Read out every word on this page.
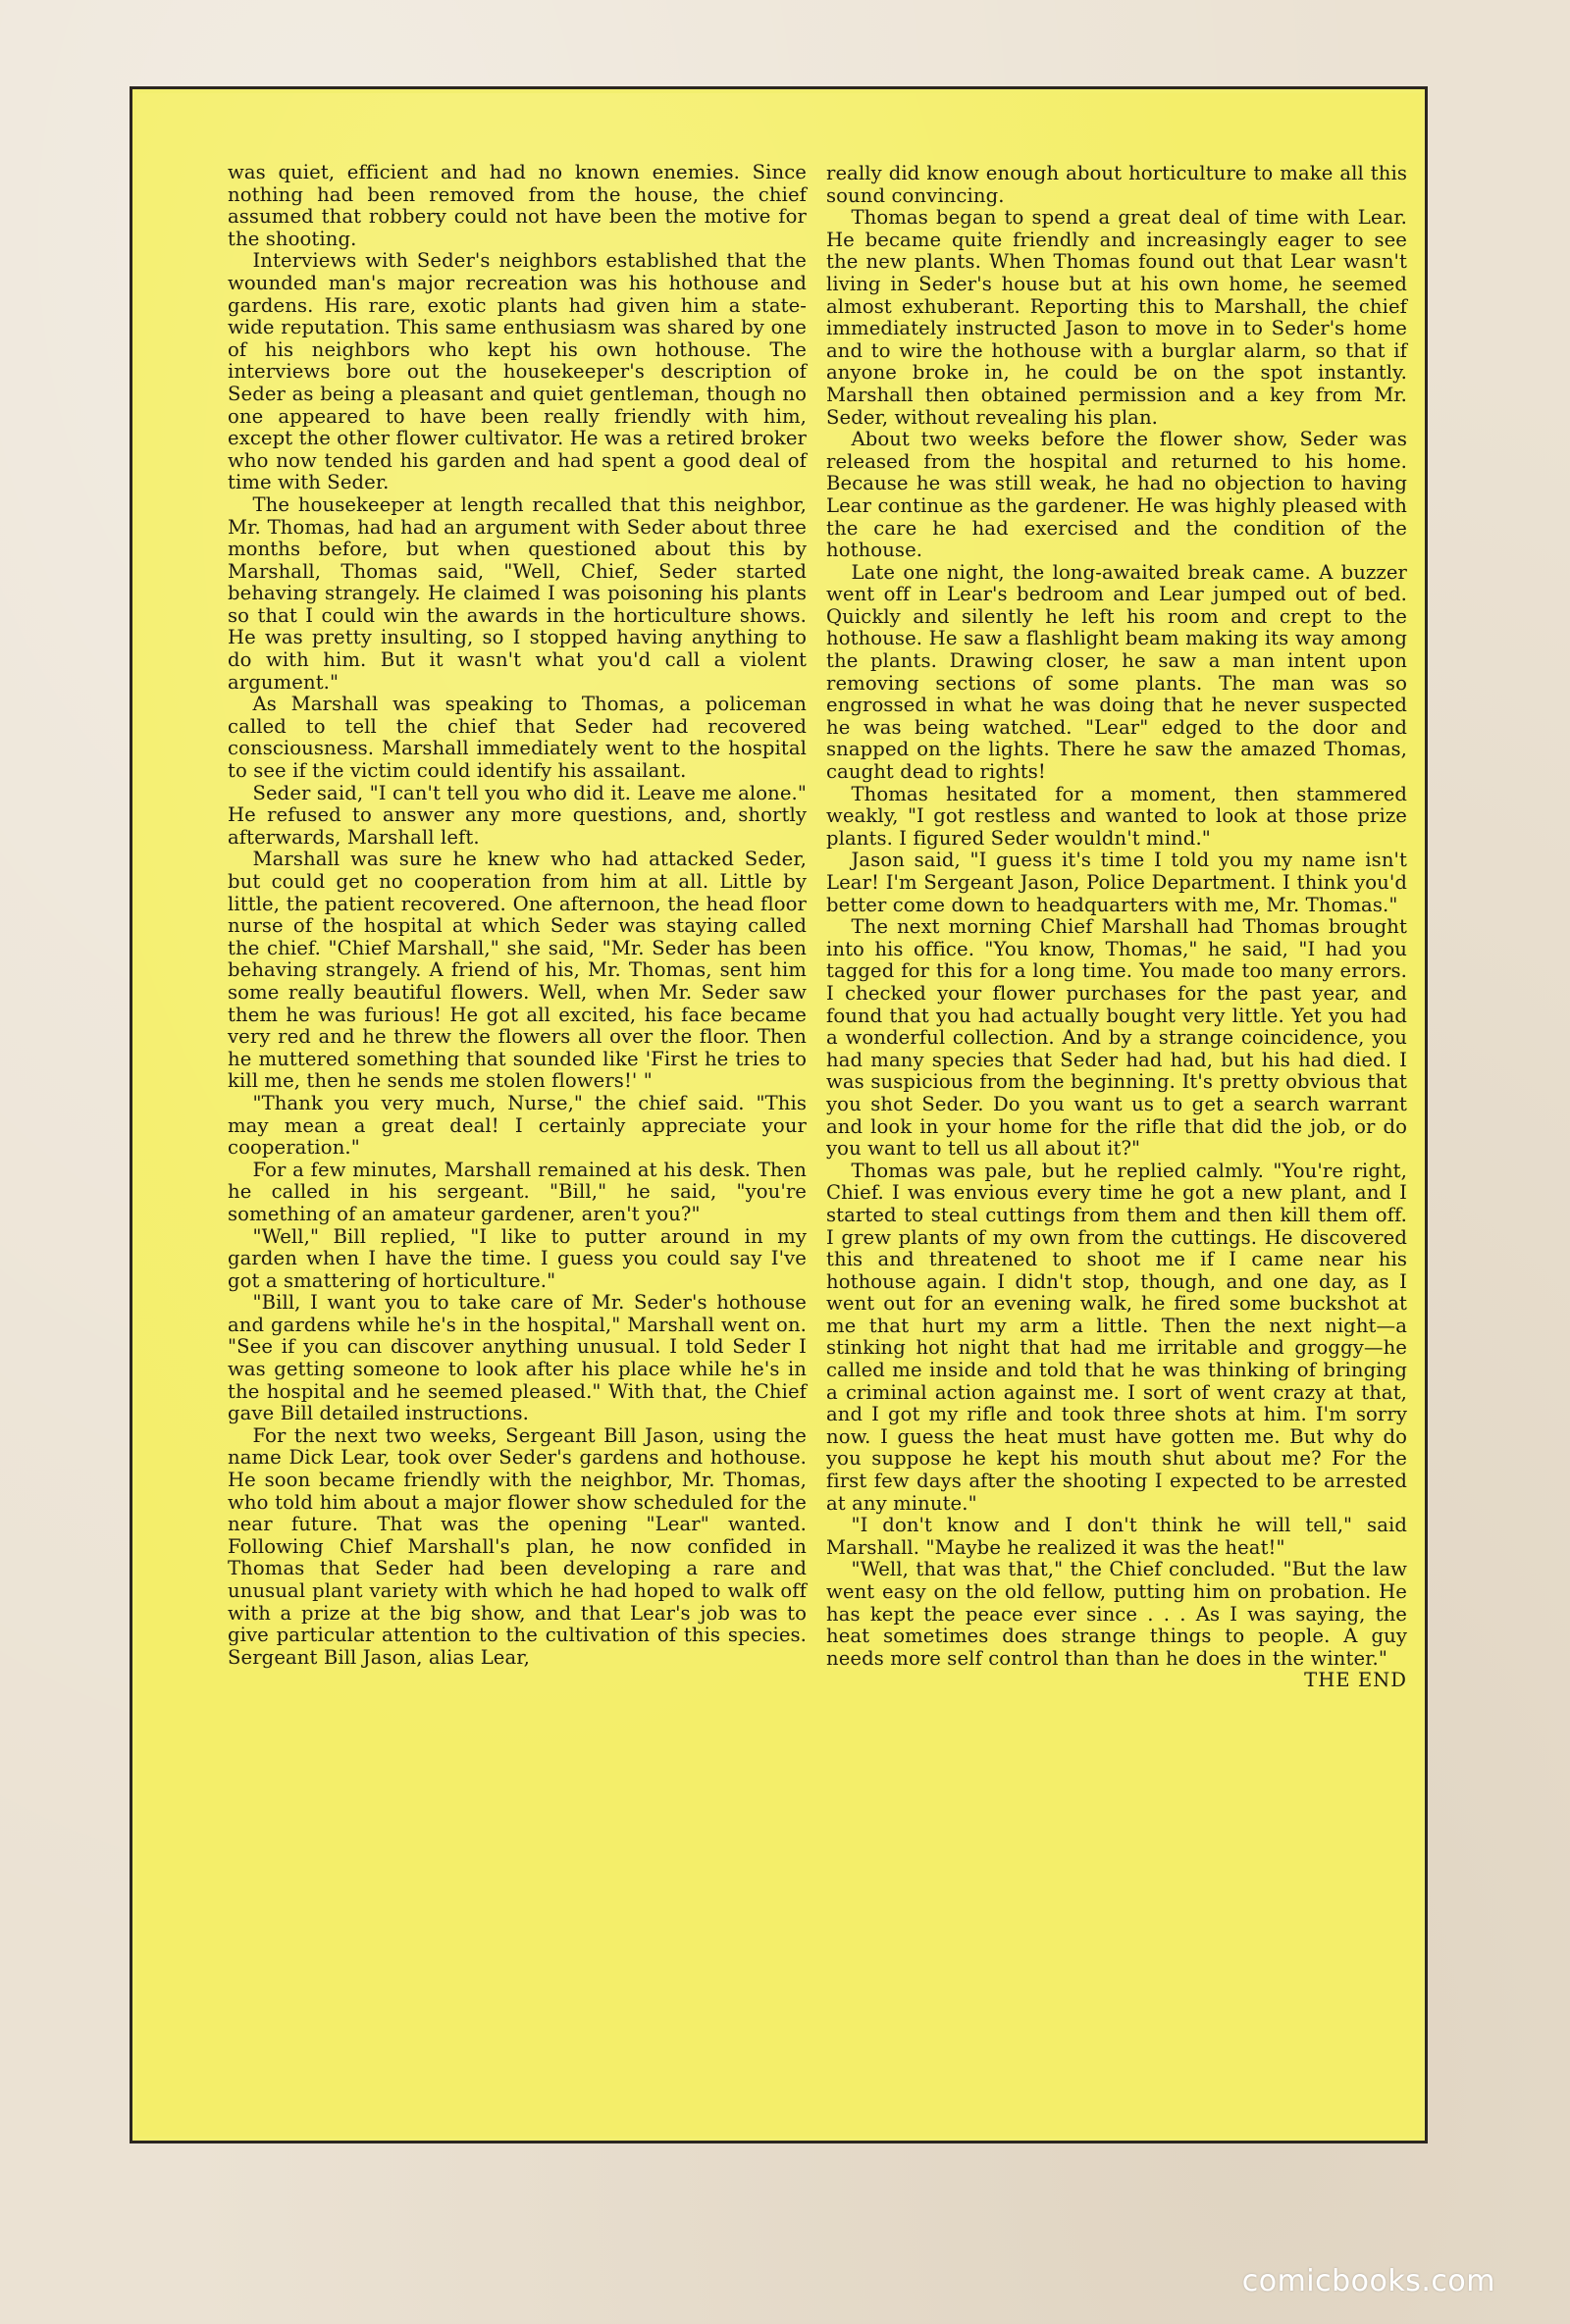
was quiet, efficient and had no known enemies. Since nothing had been removed from the house, the chief assumed that robbery could not have been the motive for the shooting.

Interviews with Seder's neighbors established that the wounded man's major recreation was his hothouse and gardens. His rare, exotic plants had given him a state-wide reputation. This same enthusiasm was shared by one of his neighbors who kept his own hothouse. The interviews bore out the housekeeper's description of Seder as being a pleasant and quiet gentleman, though no one appeared to have been really friendly with him, except the other flower cultivator. He was a retired broker who now tended his garden and had spent a good deal of time with Seder.

The housekeeper at length recalled that this neighbor, Mr. Thomas, had had an argument with Seder about three months before, but when questioned about this by Marshall, Thomas said, "Well, Chief, Seder started behaving strangely. He claimed I was poisoning his plants so that I could win the awards in the horticulture shows. He was pretty insulting, so I stopped having anything to do with him. But it wasn't what you'd call a violent argument."

As Marshall was speaking to Thomas, a policeman called to tell the chief that Seder had recovered consciousness. Marshall immediately went to the hospital to see if the victim could identify his assailant.

Seder said, "I can't tell you who did it. Leave me alone." He refused to answer any more questions, and, shortly afterwards, Marshall left.

Marshall was sure he knew who had attacked Seder, but could get no cooperation from him at all. Little by little, the patient recovered. One afternoon, the head floor nurse of the hospital at which Seder was staying called the chief. "Chief Marshall," she said, "Mr. Seder has been behaving strangely. A friend of his, Mr. Thomas, sent him some really beautiful flowers. Well, when Mr. Seder saw them he was furious! He got all excited, his face became very red and he threw the flowers all over the floor. Then he muttered something that sounded like 'First he tries to kill me, then he sends me stolen flowers!' "

"Thank you very much, Nurse," the chief said. "This may mean a great deal! I certainly appreciate your cooperation."

For a few minutes, Marshall remained at his desk. Then he called in his sergeant. "Bill," he said, "you're something of an amateur gardener, aren't you?"

"Well," Bill replied, "I like to putter around in my garden when I have the time. I guess you could say I've got a smattering of horticulture."

"Bill, I want you to take care of Mr. Seder's hothouse and gardens while he's in the hospital," Marshall went on. "See if you can discover anything unusual. I told Seder I was getting someone to look after his place while he's in the hospital and he seemed pleased." With that, the Chief gave Bill detailed instructions.

For the next two weeks, Sergeant Bill Jason, using the name Dick Lear, took over Seder's gardens and hothouse. He soon became friendly with the neighbor, Mr. Thomas, who told him about a major flower show scheduled for the near future. That was the opening "Lear" wanted. Following Chief Marshall's plan, he now confided in Thomas that Seder had been developing a rare and unusual plant variety with which he had hoped to walk off with a prize at the big show, and that Lear's job was to give particular attention to the cultivation of this species. Sergeant Bill Jason, alias Lear,

really did know enough about horticulture to make all this sound convincing.

Thomas began to spend a great deal of time with Lear. He became quite friendly and increasingly eager to see the new plants. When Thomas found out that Lear wasn't living in Seder's house but at his own home, he seemed almost exhuberant. Reporting this to Marshall, the chief immediately instructed Jason to move in to Seder's home and to wire the hothouse with a burglar alarm, so that if anyone broke in, he could be on the spot instantly. Marshall then obtained permission and a key from Mr. Seder, without revealing his plan.

About two weeks before the flower show, Seder was released from the hospital and returned to his home. Because he was still weak, he had no objection to having Lear continue as the gardener. He was highly pleased with the care he had exercised and the condition of the hothouse.

Late one night, the long-awaited break came. A buzzer went off in Lear's bedroom and Lear jumped out of bed. Quickly and silently he left his room and crept to the hothouse. He saw a flashlight beam making its way among the plants. Drawing closer, he saw a man intent upon removing sections of some plants. The man was so engrossed in what he was doing that he never suspected he was being watched. "Lear" edged to the door and snapped on the lights. There he saw the amazed Thomas, caught dead to rights!

Thomas hesitated for a moment, then stammered weakly, "I got restless and wanted to look at those prize plants. I figured Seder wouldn't mind."

Jason said, "I guess it's time I told you my name isn't Lear! I'm Sergeant Jason, Police Department. I think you'd better come down to headquarters with me, Mr. Thomas."

The next morning Chief Marshall had Thomas brought into his office. "You know, Thomas," he said, "I had you tagged for this for a long time. You made too many errors. I checked your flower purchases for the past year, and found that you had actually bought very little. Yet you had a wonderful collection. And by a strange coincidence, you had many species that Seder had had, but his had died. I was suspicious from the beginning. It's pretty obvious that you shot Seder. Do you want us to get a search warrant and look in your home for the rifle that did the job, or do you want to tell us all about it?"

Thomas was pale, but he replied calmly. "You're right, Chief. I was envious every time he got a new plant, and I started to steal cuttings from them and then kill them off. I grew plants of my own from the cuttings. He discovered this and threatened to shoot me if I came near his hothouse again. I didn't stop, though, and one day, as I went out for an evening walk, he fired some buckshot at me that hurt my arm a little. Then the next night—a stinking hot night that had me irritable and groggy—he called me inside and told that he was thinking of bringing a criminal action against me. I sort of went crazy at that, and I got my rifle and took three shots at him. I'm sorry now. I guess the heat must have gotten me. But why do you suppose he kept his mouth shut about me? For the first few days after the shooting I expected to be arrested at any minute."

"I don't know and I don't think he will tell," said Marshall. "Maybe he realized it was the heat!"

"Well, that was that," the Chief concluded. "But the law went easy on the old fellow, putting him on probation. He has kept the peace ever since . . . As I was saying, the heat sometimes does strange things to people. A guy needs more self control than than he does in the winter."
THE END

comicbooks.com
